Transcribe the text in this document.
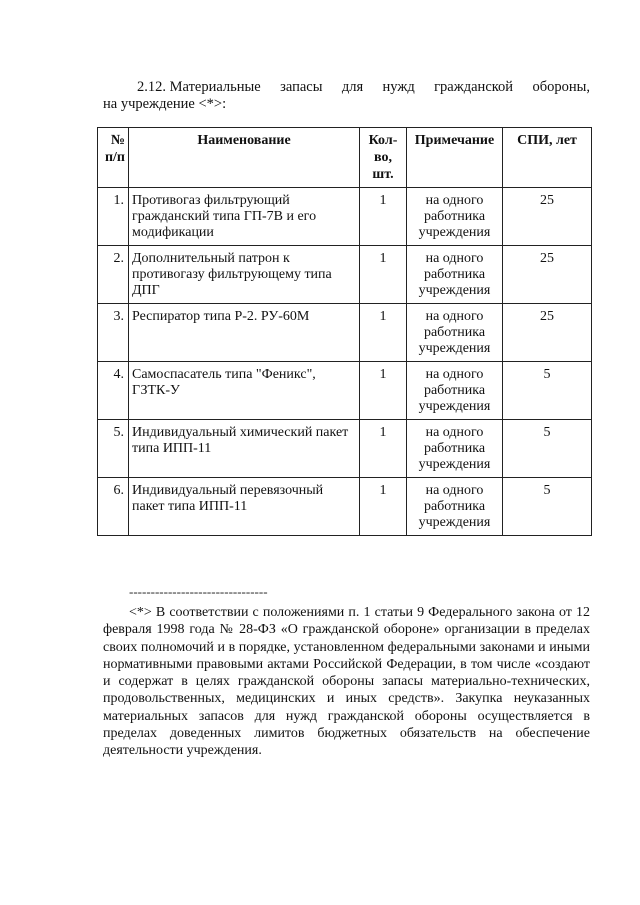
2.12. Материальные запасы для нужд гражданской обороны,
на учреждение <*>:
№ п/п	Наименование	Кол-во, шт.	Примечание	СПИ, лет
1.	Противогаз фильтрующий гражданский типа ГП-7В и его модификации	1	на одного работника учреждения	25
2.	Дополнительный патрон к противогазу фильтрующему типа ДПГ	1	на одного работника учреждения	25
3.	Респиратор типа Р-2. РУ-60М	1	на одного работника учреждения	25
4.	Самоспасатель типа "Феникс", ГЗТК-У	1	на одного работника учреждения	5
5.	Индивидуальный химический пакет типа ИПП-11	1	на одного работника учреждения	5
6.	Индивидуальный перевязочный пакет типа ИПП-11	1	на одного работника учреждения	5
--------------------------------
<*> В соответствии с положениями п. 1 статьи 9 Федерального закона от 12 февраля 1998 года № 28-ФЗ «О гражданской обороне» организации в пределах своих полномочий и в порядке, установленном федеральными законами и иными нормативными правовыми актами Российской Федерации, в том числе «создают и содержат в целях гражданской обороны запасы материально-технических, продовольственных, медицинских и иных средств». Закупка неуказанных материальных запасов для нужд гражданской обороны осуществляется в пределах доведенных лимитов бюджетных обязательств на обеспечение деятельности учреждения.
